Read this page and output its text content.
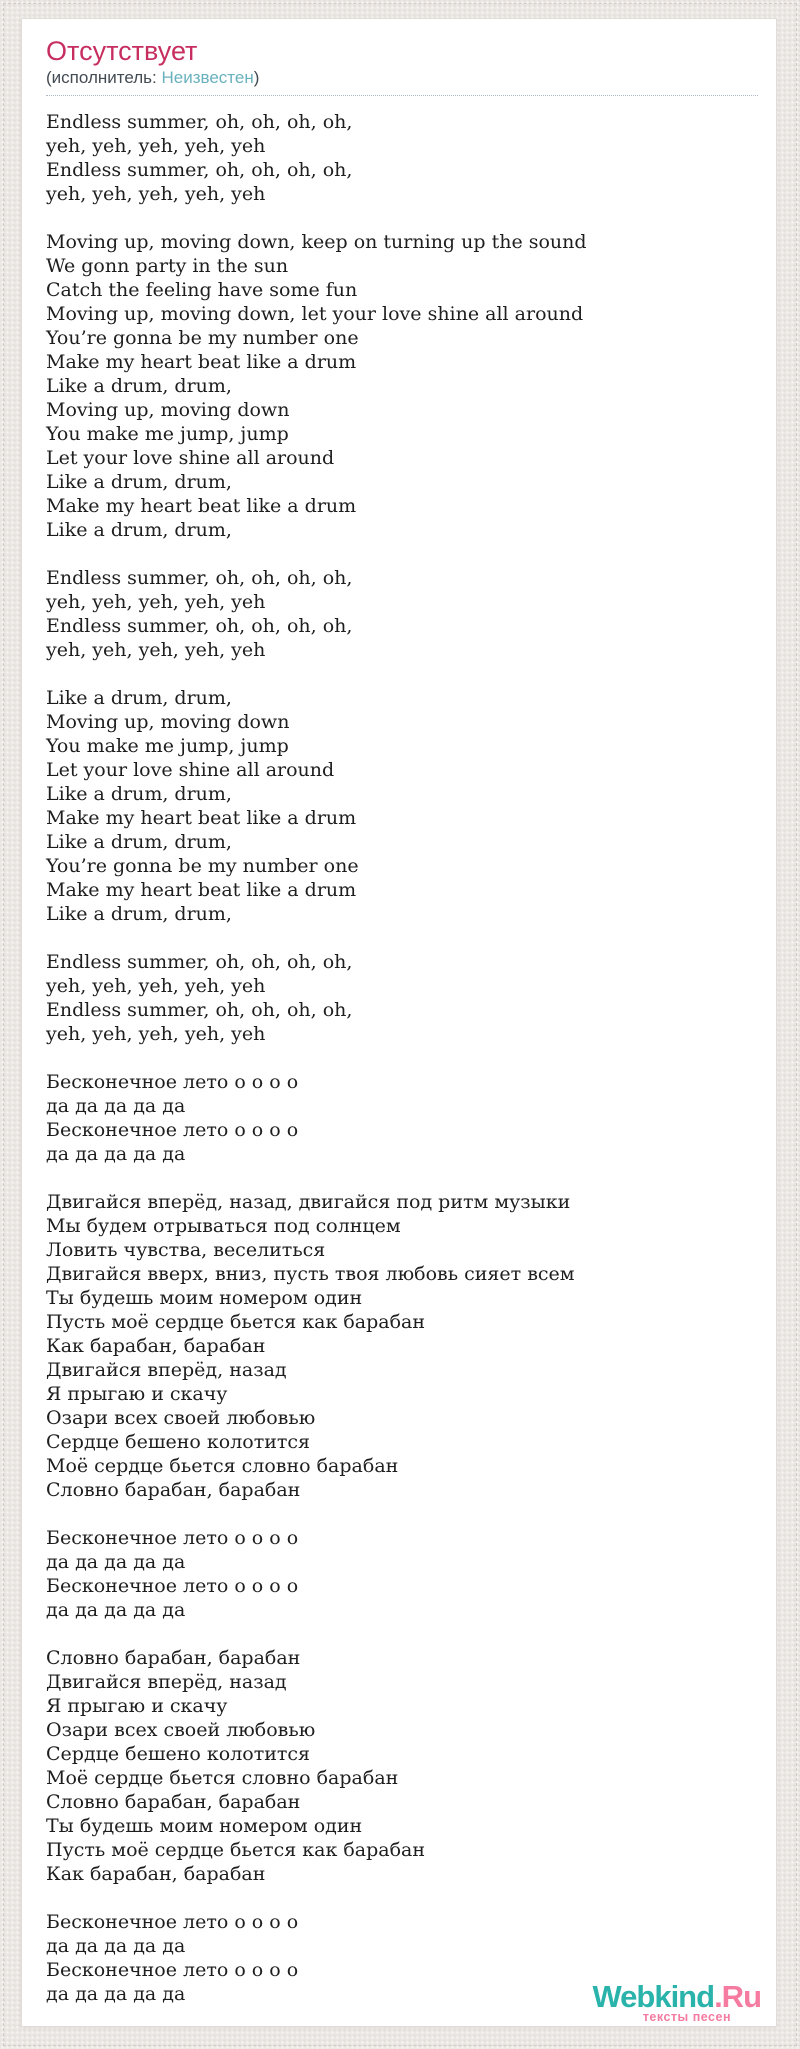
Отсутствует
(исполнитель: Неизвестен)
Endless summer, oh, oh, oh, oh,
yeh, yeh, yeh, yeh, yeh
Endless summer, oh, oh, oh, oh,
yeh, yeh, yeh, yeh, yeh
Moving up, moving down, keep on turning up the sound
We gonn party in the sun
Catch the feeling have some fun
Moving up, moving down, let your love shine all around
You’re gonna be my number one
Make my heart beat like a drum
Like a drum, drum,
Moving up, moving down
You make me jump, jump
Let your love shine all around
Like a drum, drum,
Make my heart beat like a drum
Like a drum, drum,
Endless summer, oh, oh, oh, oh,
yeh, yeh, yeh, yeh, yeh
Endless summer, oh, oh, oh, oh,
yeh, yeh, yeh, yeh, yeh
Like a drum, drum,
Moving up, moving down
You make me jump, jump
Let your love shine all around
Like a drum, drum,
Make my heart beat like a drum
Like a drum, drum,
You’re gonna be my number one
Make my heart beat like a drum
Like a drum, drum,
Endless summer, oh, oh, oh, oh,
yeh, yeh, yeh, yeh, yeh
Endless summer, oh, oh, oh, oh,
yeh, yeh, yeh, yeh, yeh
Бесконечное лето о о о о
да да да да да
Бесконечное лето о о о о
да да да да да
Двигайся вперёд, назад, двигайся под ритм музыки
Мы будем отрываться под солнцем
Ловить чувства, веселиться
Двигайся вверх, вниз, пусть твоя любовь сияет всем
Ты будешь моим номером один
Пусть моё сердце бьется как барабан
Как барабан, барабан
Двигайся вперёд, назад
Я прыгаю и скачу
Озари всех своей любовью
Сердце бешено колотится
Моё сердце бьется словно барабан
Словно барабан, барабан
Бесконечное лето о о о о
да да да да да
Бесконечное лето о о о о
да да да да да
Словно барабан, барабан
Двигайся вперёд, назад
Я прыгаю и скачу
Озари всех своей любовью
Сердце бешено колотится
Моё сердце бьется словно барабан
Словно барабан, барабан
Ты будешь моим номером один
Пусть моё сердце бьется как барабан
Как барабан, барабан
Бесконечное лето о о о о
да да да да да
Бесконечное лето о о о о
да да да да да	Webkind.Ru
тексты песен
